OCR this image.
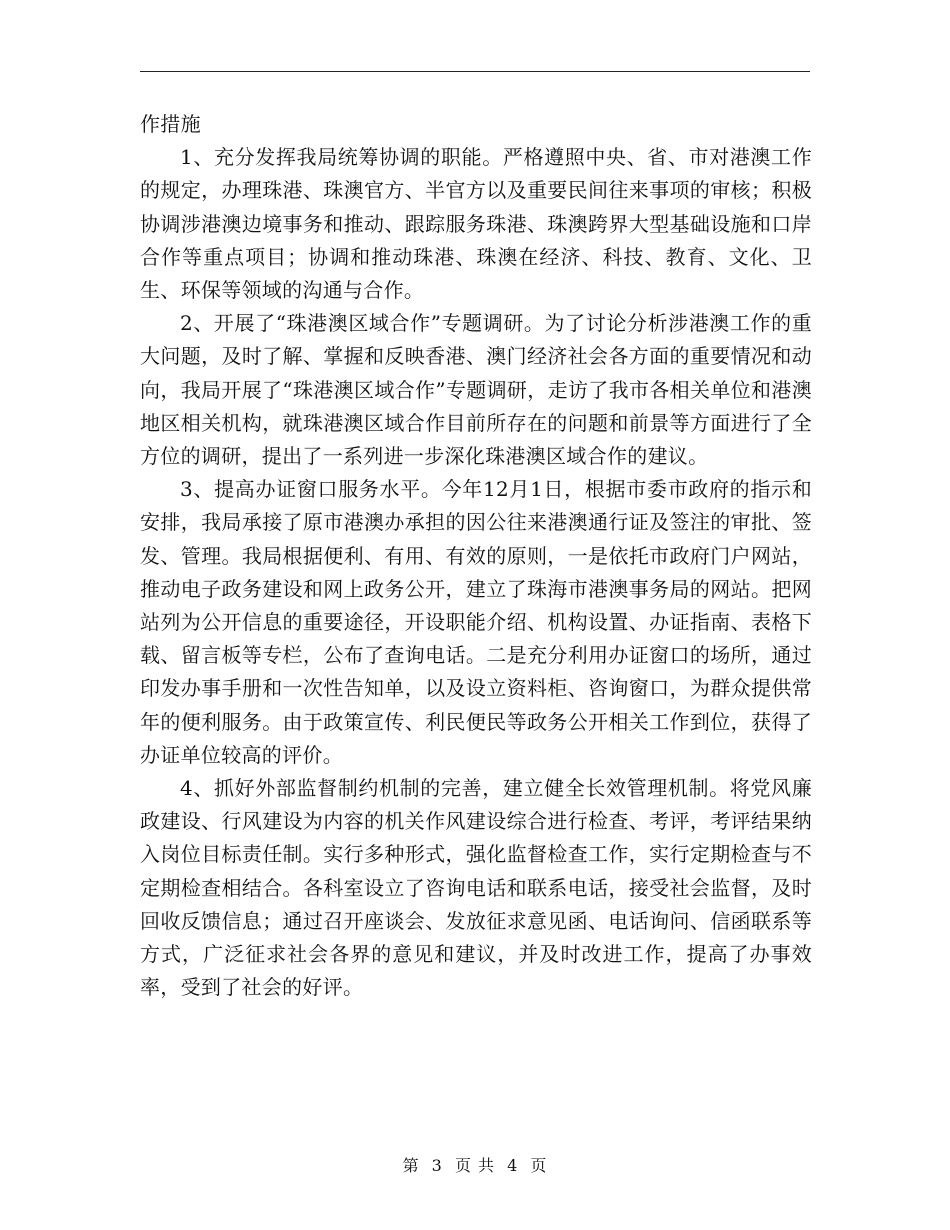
作措施

1、充分发挥我局统筹协调的职能。严格遵照中央、省、市对港澳工作的规定，办理珠港、珠澳官方、半官方以及重要民间往来事项的审核；积极协调涉港澳边境事务和推动、跟踪服务珠港、珠澳跨界大型基础设施和口岸合作等重点项目；协调和推动珠港、珠澳在经济、科技、教育、文化、卫生、环保等领域的沟通与合作。

2、开展了“珠港澳区域合作”专题调研。为了讨论分析涉港澳工作的重大问题，及时了解、掌握和反映香港、澳门经济社会各方面的重要情况和动向，我局开展了“珠港澳区域合作”专题调研，走访了我市各相关单位和港澳地区相关机构，就珠港澳区域合作目前所存在的问题和前景等方面进行了全方位的调研，提出了一系列进一步深化珠港澳区域合作的建议。

3、提高办证窗口服务水平。今年12月1日，根据市委市政府的指示和安排，我局承接了原市港澳办承担的因公往来港澳通行证及签注的审批、签发、管理。我局根据便利、有用、有效的原则，一是依托市政府门户网站，推动电子政务建设和网上政务公开，建立了珠海市港澳事务局的网站。把网站列为公开信息的重要途径，开设职能介绍、机构设置、办证指南、表格下载、留言板等专栏，公布了查询电话。二是充分利用办证窗口的场所，通过印发办事手册和一次性告知单，以及设立资料柜、咨询窗口，为群众提供常年的便利服务。由于政策宣传、利民便民等政务公开相关工作到位，获得了办证单位较高的评价。

4、抓好外部监督制约机制的完善，建立健全长效管理机制。将党风廉政建设、行风建设为内容的机关作风建设综合进行检查、考评，考评结果纳入岗位目标责任制。实行多种形式，强化监督检查工作，实行定期检查与不定期检查相结合。各科室设立了咨询电话和联系电话，接受社会监督，及时回收反馈信息；通过召开座谈会、发放征求意见函、电话询问、信函联系等方式，广泛征求社会各界的意见和建议，并及时改进工作，提高了办事效率，受到了社会的好评。

第 3 页 共 4 页
